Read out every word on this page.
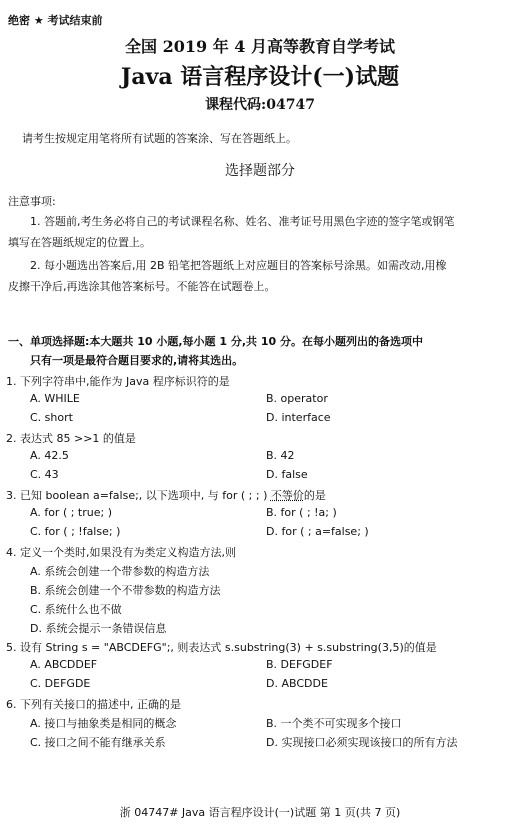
绝密 ★ 考试结束前
全国 2019 年 4 月高等教育自学考试
Java 语言程序设计(一)试题
课程代码:04747
请考生按规定用笔将所有试题的答案涂、写在答题纸上。
选择题部分
注意事项:
1. 答题前,考生务必将自己的考试课程名称、姓名、准考证号用黑色字迹的签字笔或钢笔
填写在答题纸规定的位置上。
2. 每小题选出答案后,用 2B 铅笔把答题纸上对应题目的答案标号涂黑。如需改动,用橡
皮擦干净后,再选涂其他答案标号。不能答在试题卷上。
一、单项选择题:本大题共 10 小题,每小题 1 分,共 10 分。在每小题列出的备选项中
只有一项是最符合题目要求的,请将其选出。
1. 下列字符串中,能作为 Java 程序标识符的是
A. WHILE	B. operator
C. short	D. interface
2. 表达式 85 >>1 的值是
A. 42.5	B. 42
C. 43	D. false
3. 已知 boolean a=false;, 以下选项中, 与 for ( ; ; ) 不等价的是
A. for ( ; true; )	B. for ( ; !a; )
C. for ( ; !false; )	D. for ( ; a=false; )
4. 定义一个类时,如果没有为类定义构造方法,则
A. 系统会创建一个带参数的构造方法
B. 系统会创建一个不带参数的构造方法
C. 系统什么也不做
D. 系统会提示一条错误信息
5. 设有 String s = "ABCDEFG";, 则表达式 s.substring(3) + s.substring(3,5)的值是
A. ABCDDEF	B. DEFGDEF
C. DEFGDE	D. ABCDDE
6. 下列有关接口的描述中, 正确的是
A. 接口与抽象类是相同的概念	B. 一个类不可实现多个接口
C. 接口之间不能有继承关系	D. 实现接口必须实现该接口的所有方法
浙 04747# Java 语言程序设计(一)试题 第 1 页(共 7 页)
